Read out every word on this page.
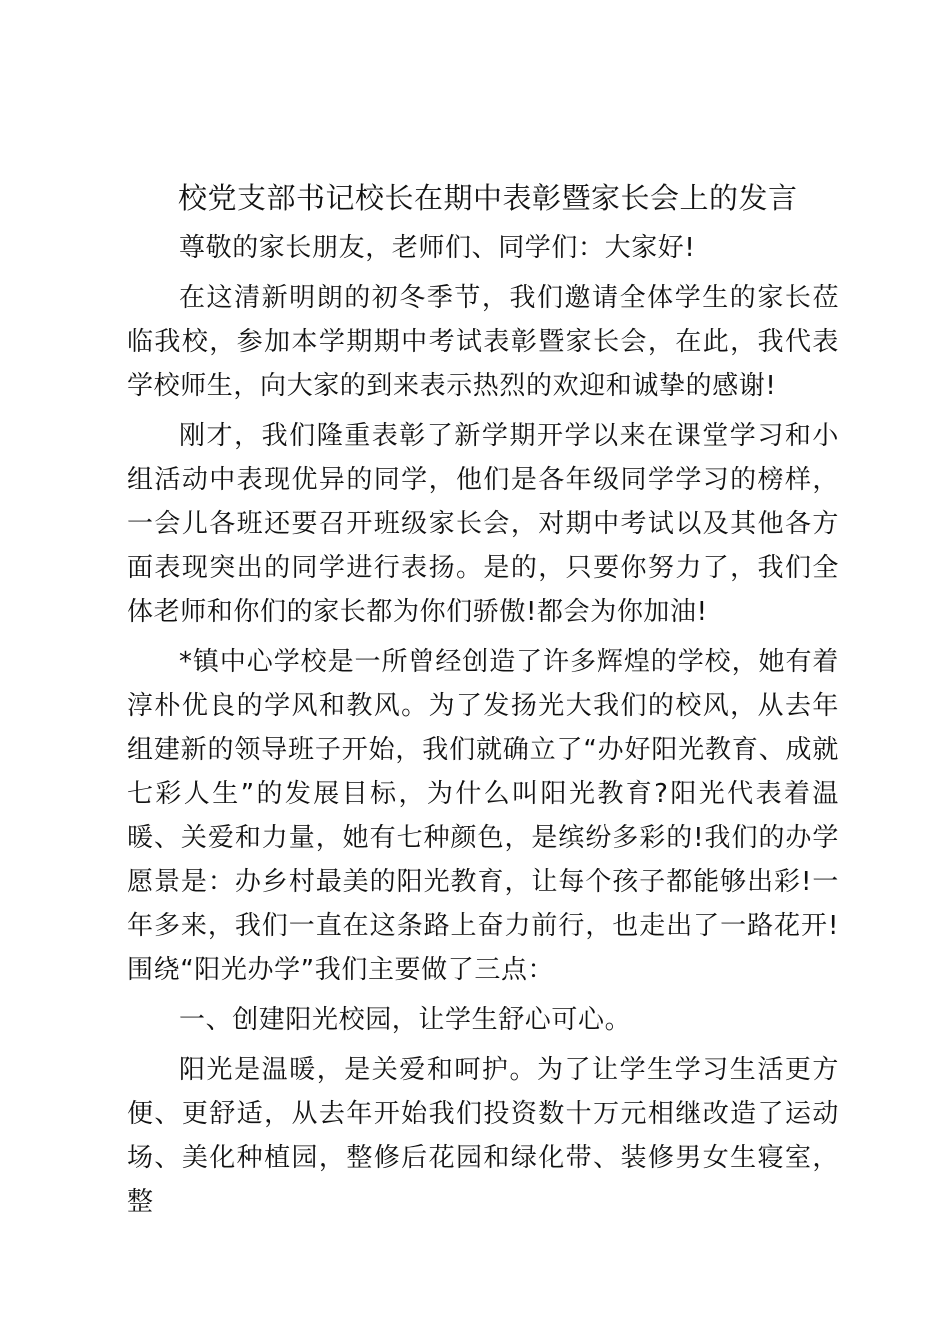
校党支部书记校长在期中表彰暨家长会上的发言

尊敬的家长朋友，老师们、同学们：大家好!

在这清新明朗的初冬季节，我们邀请全体学生的家长莅临我校，参加本学期期中考试表彰暨家长会，在此，我代表学校师生，向大家的到来表示热烈的欢迎和诚挚的感谢!

刚才，我们隆重表彰了新学期开学以来在课堂学习和小组活动中表现优异的同学，他们是各年级同学学习的榜样，一会儿各班还要召开班级家长会，对期中考试以及其他各方面表现突出的同学进行表扬。是的，只要你努力了，我们全体老师和你们的家长都为你们骄傲!都会为你加油!

*镇中心学校是一所曾经创造了许多辉煌的学校，她有着淳朴优良的学风和教风。为了发扬光大我们的校风，从去年组建新的领导班子开始，我们就确立了“办好阳光教育、成就七彩人生”的发展目标，为什么叫阳光教育?阳光代表着温暖、关爱和力量，她有七种颜色，是缤纷多彩的!我们的办学愿景是：办乡村最美的阳光教育，让每个孩子都能够出彩!一年多来，我们一直在这条路上奋力前行，也走出了一路花开!围绕“阳光办学”我们主要做了三点：

一、创建阳光校园，让学生舒心可心。

阳光是温暖，是关爱和呵护。为了让学生学习生活更方便、更舒适，从去年开始我们投资数十万元相继改造了运动场、美化种植园，整修后花园和绿化带、装修男女生寝室，整
